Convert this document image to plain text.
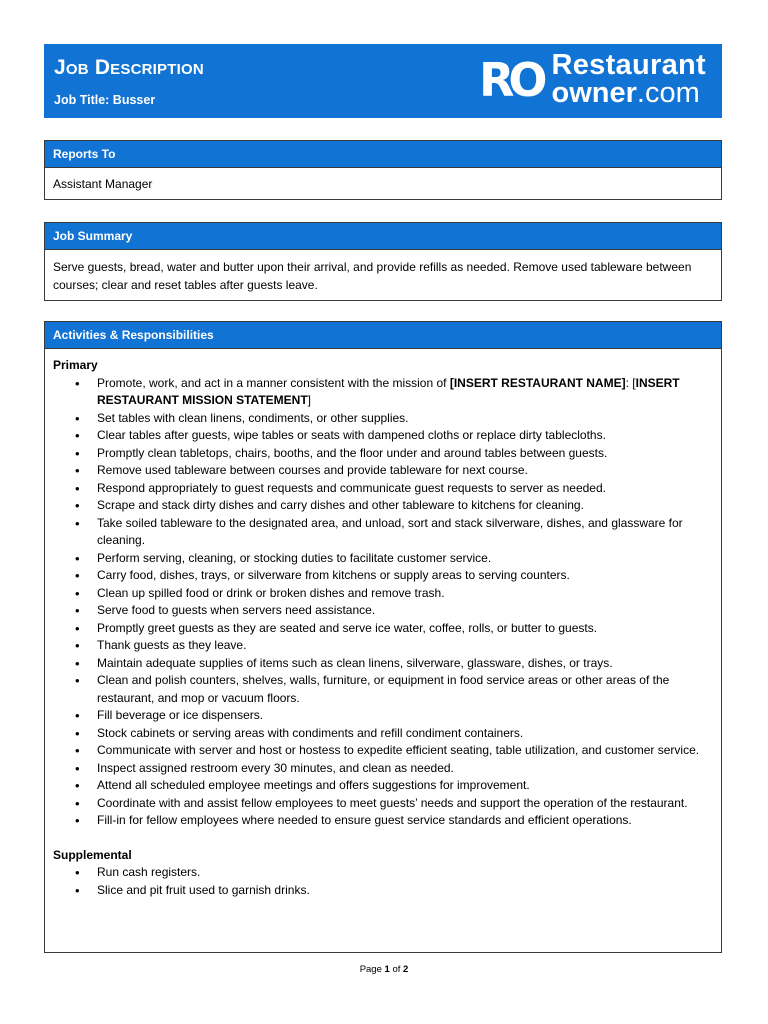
Job Description
Job Title: Busser	RO Restaurant
owner.com
Reports To
Assistant Manager
Job Summary
Serve guests, bread, water and butter upon their arrival, and provide refills as needed. Remove used tableware between courses; clear and reset tables after guests leave.
Activities & Responsibilities
Primary
• Promote, work, and act in a manner consistent with the mission of [INSERT RESTAURANT NAME]: [INSERT RESTAURANT MISSION STATEMENT]
• Set tables with clean linens, condiments, or other supplies.
• Clear tables after guests, wipe tables or seats with dampened cloths or replace dirty tablecloths.
• Promptly clean tabletops, chairs, booths, and the floor under and around tables between guests.
• Remove used tableware between courses and provide tableware for next course.
• Respond appropriately to guest requests and communicate guest requests to server as needed.
• Scrape and stack dirty dishes and carry dishes and other tableware to kitchens for cleaning.
• Take soiled tableware to the designated area, and unload, sort and stack silverware, dishes, and glassware for cleaning.
• Perform serving, cleaning, or stocking duties to facilitate customer service.
• Carry food, dishes, trays, or silverware from kitchens or supply areas to serving counters.
• Clean up spilled food or drink or broken dishes and remove trash.
• Serve food to guests when servers need assistance.
• Promptly greet guests as they are seated and serve ice water, coffee, rolls, or butter to guests.
• Thank guests as they leave.
• Maintain adequate supplies of items such as clean linens, silverware, glassware, dishes, or trays.
• Clean and polish counters, shelves, walls, furniture, or equipment in food service areas or other areas of the restaurant, and mop or vacuum floors.
• Fill beverage or ice dispensers.
• Stock cabinets or serving areas with condiments and refill condiment containers.
• Communicate with server and host or hostess to expedite efficient seating, table utilization, and customer service.
• Inspect assigned restroom every 30 minutes, and clean as needed.
• Attend all scheduled employee meetings and offers suggestions for improvement.
• Coordinate with and assist fellow employees to meet guests’ needs and support the operation of the restaurant.
• Fill-in for fellow employees where needed to ensure guest service standards and efficient operations.
Supplemental
• Run cash registers.
• Slice and pit fruit used to garnish drinks.
Page 1 of 2
